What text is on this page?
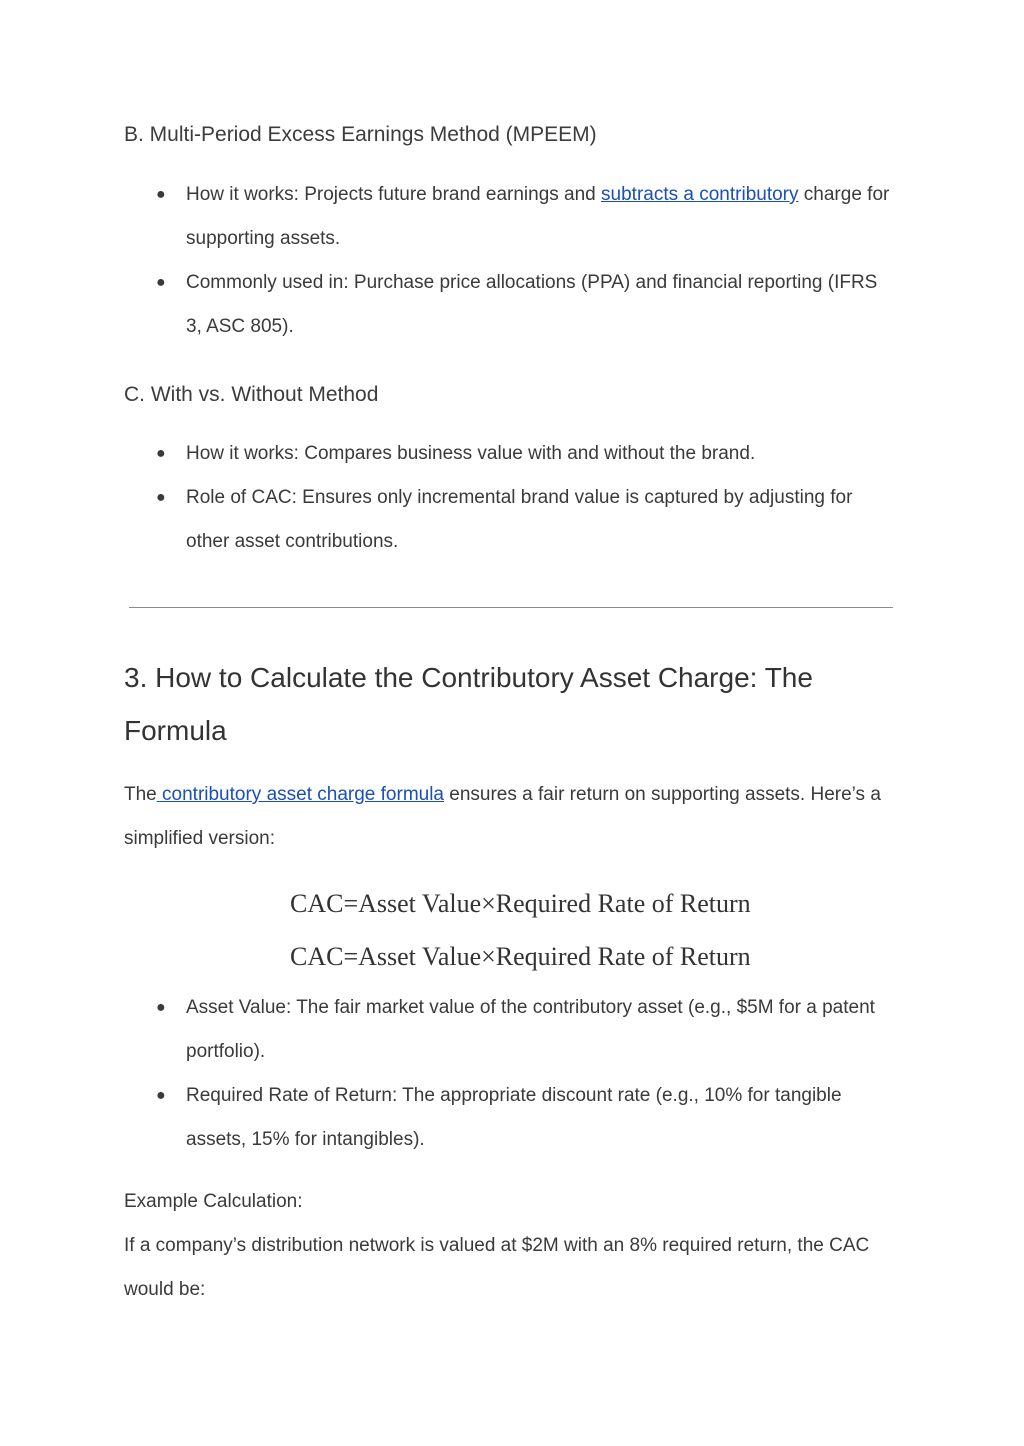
B. Multi-Period Excess Earnings Method (MPEEM)
● How it works: Projects future brand earnings and subtracts a contributory charge for supporting assets.
● Commonly used in: Purchase price allocations (PPA) and financial reporting (IFRS 3, ASC 805).
C. With vs. Without Method
● How it works: Compares business value with and without the brand.
● Role of CAC: Ensures only incremental brand value is captured by adjusting for other asset contributions.
3. How to Calculate the Contributory Asset Charge: The Formula
The contributory asset charge formula ensures a fair return on supporting assets. Here’s a simplified version:
CAC=Asset Value×Required Rate of Return
CAC=Asset Value×Required Rate of Return
● Asset Value: The fair market value of the contributory asset (e.g., $5M for a patent portfolio).
● Required Rate of Return: The appropriate discount rate (e.g., 10% for tangible assets, 15% for intangibles).
Example Calculation:
If a company’s distribution network is valued at $2M with an 8% required return, the CAC would be:
